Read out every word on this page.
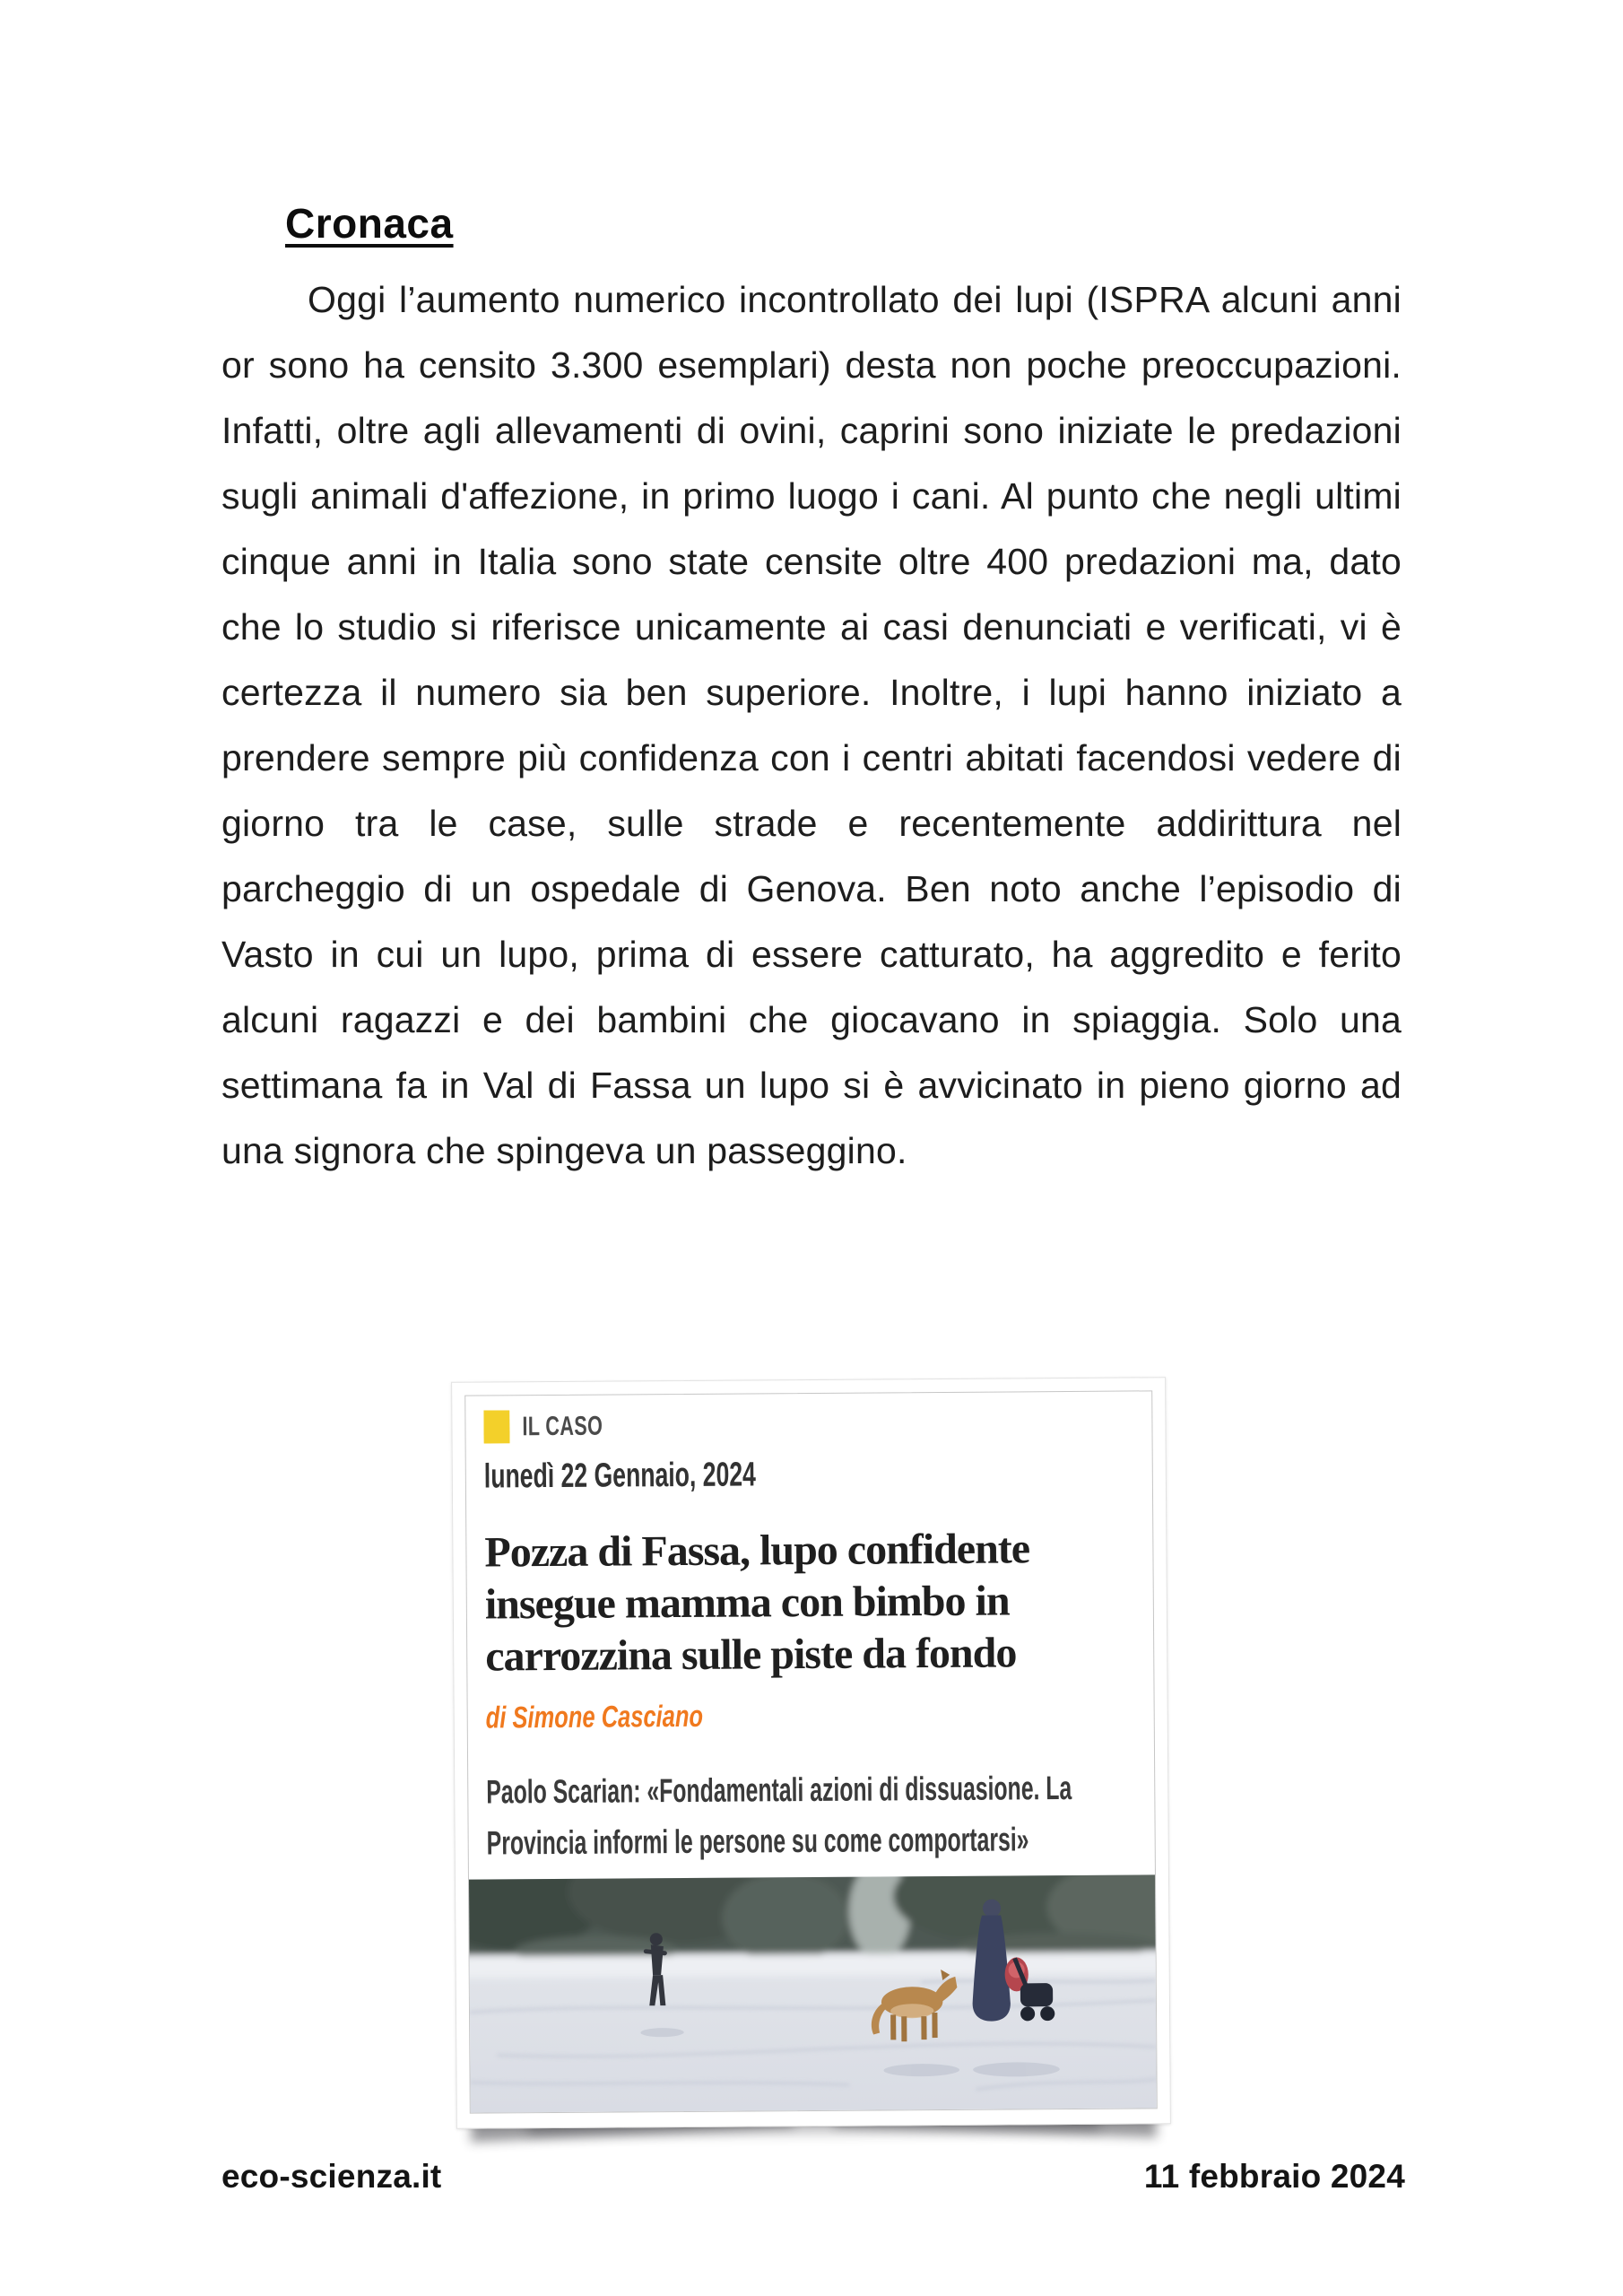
Cronaca

Oggi l’aumento numerico incontrollato dei lupi (ISPRA alcuni anni or sono ha censito 3.300 esemplari) desta non poche preoccupazioni. Infatti, oltre agli allevamenti di ovini, caprini sono iniziate le predazioni sugli animali d'affezione, in primo luogo i cani. Al punto che negli ultimi cinque anni in Italia sono state censite oltre 400 predazioni ma, dato che lo studio si riferisce unicamente ai casi denunciati e verificati, vi è certezza il numero sia ben superiore. Inoltre, i lupi hanno iniziato a prendere sempre più confidenza con i centri abitati facendosi vedere di giorno tra le case, sulle strade e recentemente addirittura nel parcheggio di un ospedale di Genova. Ben noto anche l’episodio di Vasto in cui un lupo, prima di essere catturato, ha aggredito e ferito alcuni ragazzi e dei bambini che giocavano in spiaggia. Solo una settimana fa in Val di Fassa un lupo si è avvicinato in pieno giorno ad una signora che spingeva un passeggino.

IL CASO
lunedì 22 Gennaio, 2024
Pozza di Fassa, lupo confidente insegue mamma con bimbo in carrozzina sulle piste da fondo
di Simone Casciano
Paolo Scarian: «Fondamentali azioni di dissuasione. La Provincia informi le persone su come comportarsi»
eco-scienza.it	11 febbraio 2024
